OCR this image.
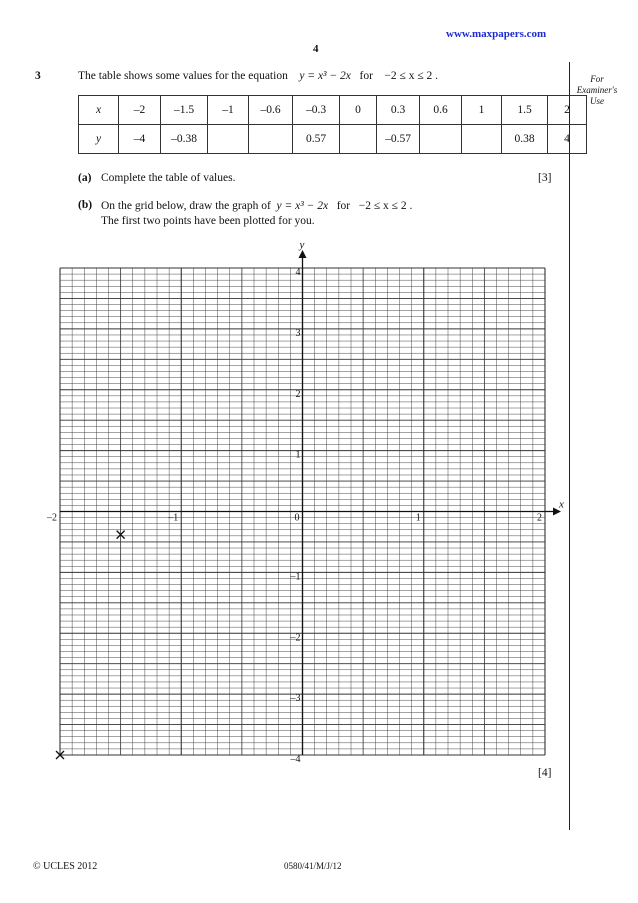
www.maxpapers.com
4
3	The table shows some values for the equation y = x³ − 2x for −2 ≤ x ≤ 2 .	For
Examiner's
Use
x	–2	–1.5	–1	–0.6	–0.3	0	0.3	0.6	1	1.5	2
y	–4	–0.38			0.57		–0.57			0.38	4
(a) Complete the table of values.	[3]
(b) On the grid below, draw the graph of y = x³ − 2x for −2 ≤ x ≤ 2 .
The first two points have been plotted for you.
x
y
–2	–1	0	1	2
4
3
2
1
–1
–2
–3
–4
[4]
© UCLES 2012	0580/41/M/J/12
